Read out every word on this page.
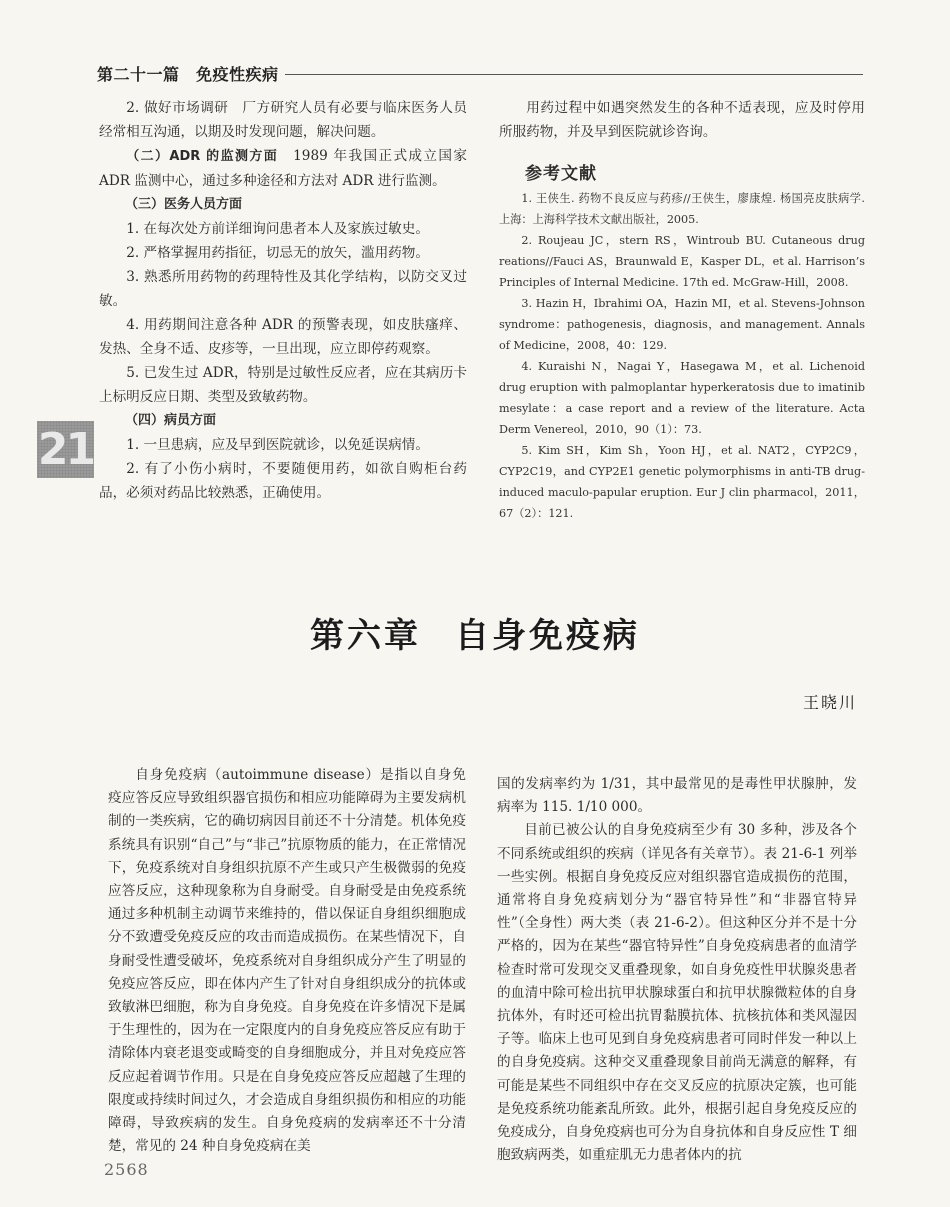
第二十一篇　免疫性疾病
21

2. 做好市场调研　厂方研究人员有必要与临床医务人员经常相互沟通，以期及时发现问题，解决问题。

（二）ADR 的监测方面　1989 年我国正式成立国家 ADR 监测中心，通过多种途径和方法对 ADR 进行监测。

（三）医务人员方面

1. 在每次处方前详细询问患者本人及家族过敏史。

2. 严格掌握用药指征，切忌无的放矢，滥用药物。

3. 熟悉所用药物的药理特性及其化学结构，以防交叉过敏。

4. 用药期间注意各种 ADR 的预警表现，如皮肤瘙痒、发热、全身不适、皮疹等，一旦出现，应立即停药观察。

5. 已发生过 ADR，特别是过敏性反应者，应在其病历卡上标明反应日期、类型及致敏药物。

（四）病员方面

1. 一旦患病，应及早到医院就诊，以免延误病情。

2. 有了小伤小病时，不要随便用药，如欲自购柜台药品，必须对药品比较熟悉，正确使用。

用药过程中如遇突然发生的各种不适表现，应及时停用所服药物，并及早到医院就诊咨询。

参考文献

1. 王侠生. 药物不良反应与药疹//王侠生，廖康煌. 杨国亮皮肤病学. 上海：上海科学技术文献出版社，2005.

2. Roujeau JC，stern RS，Wintroub BU. Cutaneous drug reations//Fauci AS，Braunwald E，Kasper DL，et al. Harrison’s Principles of Internal Medicine. 17th ed. McGraw-Hill，2008.

3. Hazin H，Ibrahimi OA，Hazin MI，et al. Stevens-Johnson syndrome：pathogenesis，diagnosis，and management. Annals of Medicine，2008，40：129.

4. Kuraishi N，Nagai Y，Hasegawa M，et al. Lichenoid drug eruption with palmoplantar hyperkeratosis due to imatinib mesylate：a case report and a review of the literature. Acta Derm Venereol，2010，90（1）：73.

5. Kim SH，Kim Sh，Yoon HJ，et al. NAT2，CYP2C9，CYP2C19，and CYP2E1 genetic polymorphisms in anti-TB drug-induced maculo-papular eruption. Eur J clin pharmacol，2011，67（2）：121.

第六章 自身免疫病
王晓川

自身免疫病（autoimmune disease）是指以自身免疫应答反应导致组织器官损伤和相应功能障碍为主要发病机制的一类疾病，它的确切病因目前还不十分清楚。机体免疫系统具有识别“自己”与“非己”抗原物质的能力，在正常情况下，免疫系统对自身组织抗原不产生或只产生极微弱的免疫应答反应，这种现象称为自身耐受。自身耐受是由免疫系统通过多种机制主动调节来维持的，借以保证自身组织细胞成分不致遭受免疫反应的攻击而造成损伤。在某些情况下，自身耐受性遭受破坏，免疫系统对自身组织成分产生了明显的免疫应答反应，即在体内产生了针对自身组织成分的抗体或致敏淋巴细胞，称为自身免疫。自身免疫在许多情况下是属于生理性的，因为在一定限度内的自身免疫应答反应有助于清除体内衰老退变或畸变的自身细胞成分，并且对免疫应答反应起着调节作用。只是在自身免疫应答反应超越了生理的限度或持续时间过久，才会造成自身组织损伤和相应的功能障碍，导致疾病的发生。自身免疫病的发病率还不十分清楚，常见的 24 种自身免疫病在美

国的发病率约为 1/31，其中最常见的是毒性甲状腺肿，发病率为 115. 1/10 000。

目前已被公认的自身免疫病至少有 30 多种，涉及各个不同系统或组织的疾病（详见各有关章节）。表 21-6-1 列举一些实例。根据自身免疫反应对组织器官造成损伤的范围，通常将自身免疫病划分为“器官特异性”和“非器官特异性”（全身性）两大类（表 21-6-2）。但这种区分并不是十分严格的，因为在某些“器官特异性”自身免疫病患者的血清学检查时常可发现交叉重叠现象，如自身免疫性甲状腺炎患者的血清中除可检出抗甲状腺球蛋白和抗甲状腺微粒体的自身抗体外，有时还可检出抗胃黏膜抗体、抗核抗体和类风湿因子等。临床上也可见到自身免疫病患者可同时伴发一种以上的自身免疫病。这种交叉重叠现象目前尚无满意的解释，有可能是某些不同组织中存在交叉反应的抗原决定簇，也可能是免疫系统功能紊乱所致。此外，根据引起自身免疫反应的免疫成分，自身免疫病也可分为自身抗体和自身反应性 T 细胞致病两类，如重症肌无力患者体内的抗

2568
